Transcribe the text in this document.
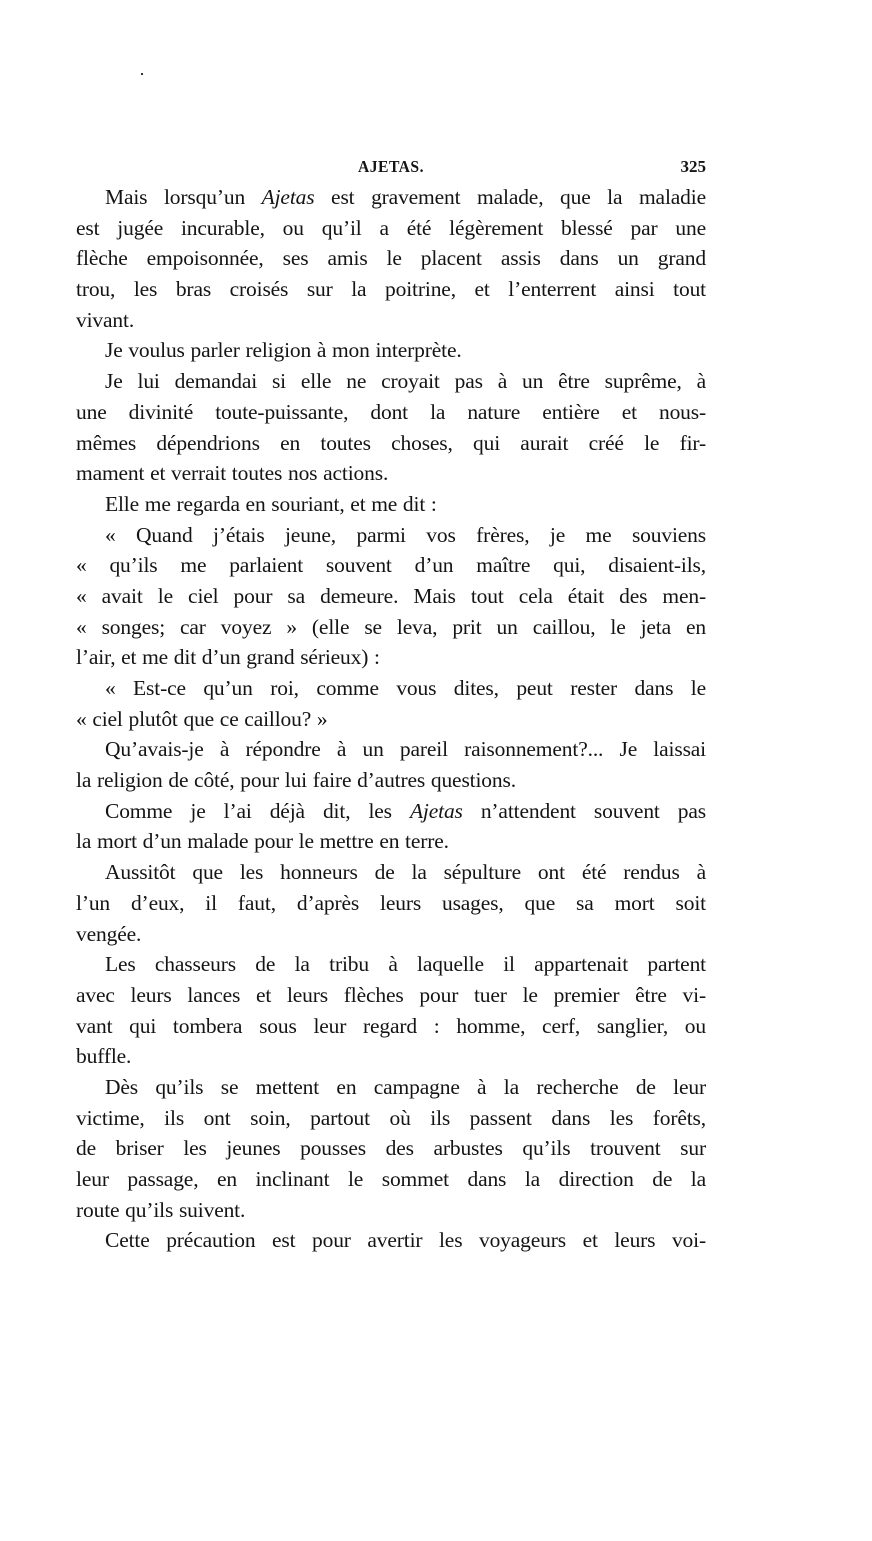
AJETAS.	325
Mais lorsqu’un Ajetas est gravement malade, que la maladie
est jugée incurable, ou qu’il a été légèrement blessé par une
flèche empoisonnée, ses amis le placent assis dans un grand
trou, les bras croisés sur la poitrine, et l’enterrent ainsi tout
vivant.
Je voulus parler religion à mon interprète.
Je lui demandai si elle ne croyait pas à un être suprême, à
une divinité toute-puissante, dont la nature entière et nous-
mêmes dépendrions en toutes choses, qui aurait créé le fir-
mament et verrait toutes nos actions.
Elle me regarda en souriant, et me dit :
« Quand j’étais jeune, parmi vos frères, je me souviens
« qu’ils me parlaient souvent d’un maître qui, disaient-ils,
« avait le ciel pour sa demeure. Mais tout cela était des men-
« songes; car voyez » (elle se leva, prit un caillou, le jeta en
l’air, et me dit d’un grand sérieux) :
« Est-ce qu’un roi, comme vous dites, peut rester dans le
« ciel plutôt que ce caillou? »
Qu’avais-je à répondre à un pareil raisonnement?... Je laissai
la religion de côté, pour lui faire d’autres questions.
Comme je l’ai déjà dit, les Ajetas n’attendent souvent pas
la mort d’un malade pour le mettre en terre.
Aussitôt que les honneurs de la sépulture ont été rendus à
l’un d’eux, il faut, d’après leurs usages, que sa mort soit
vengée.
Les chasseurs de la tribu à laquelle il appartenait partent
avec leurs lances et leurs flèches pour tuer le premier être vi-
vant qui tombera sous leur regard : homme, cerf, sanglier, ou
buffle.
Dès qu’ils se mettent en campagne à la recherche de leur
victime, ils ont soin, partout où ils passent dans les forêts,
de briser les jeunes pousses des arbustes qu’ils trouvent sur
leur passage, en inclinant le sommet dans la direction de la
route qu’ils suivent.
Cette précaution est pour avertir les voyageurs et leurs voi-
